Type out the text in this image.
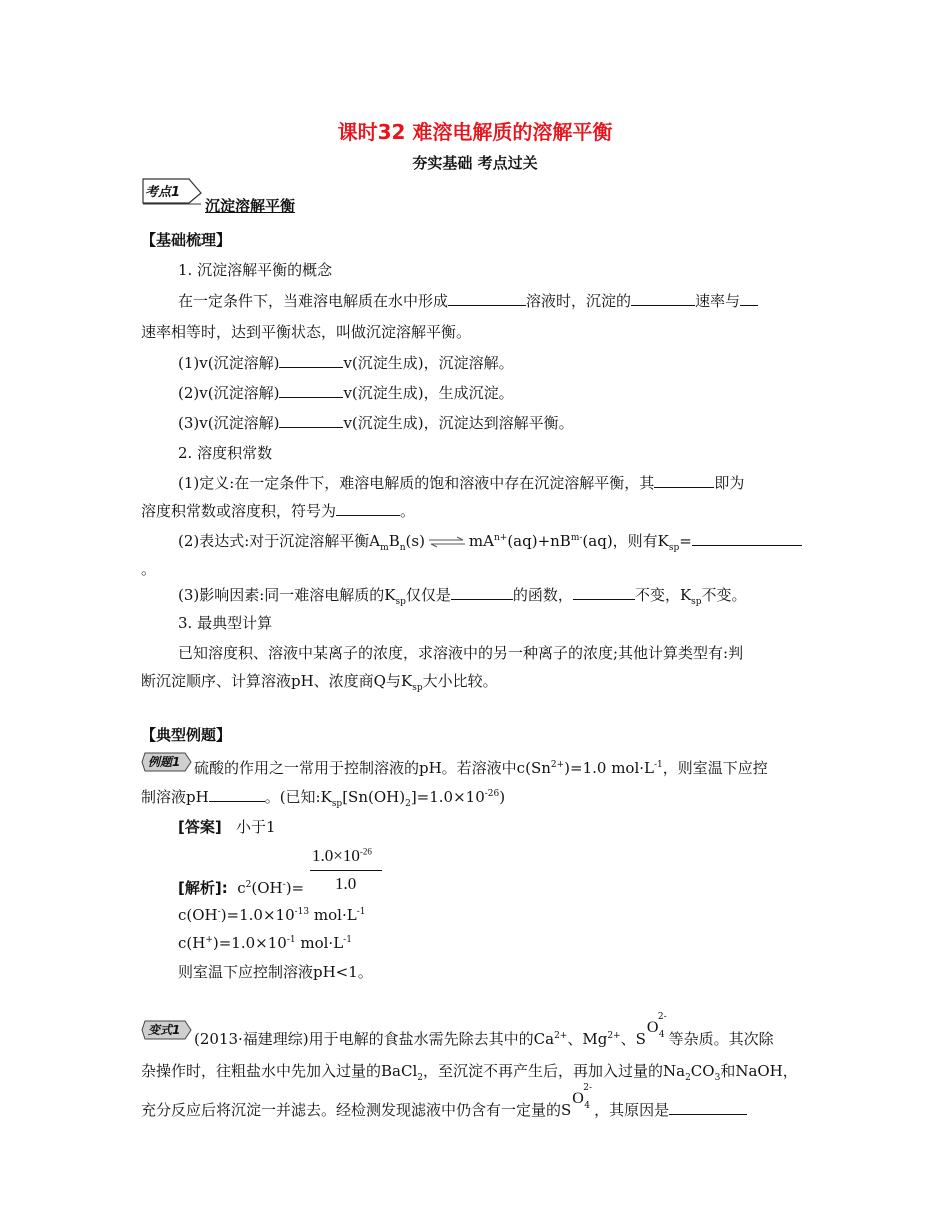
课时32 难溶电解质的溶解平衡
夯实基础 考点过关
考点1
沉淀溶解平衡
【基础梳理】
1. 沉淀溶解平衡的概念
在一定条件下，当难溶电解质在水中形成	溶液时，沉淀的	速率与
速率相等时，达到平衡状态，叫做沉淀溶解平衡。
(1)v(沉淀溶解)	v(沉淀生成)，沉淀溶解。
(2)v(沉淀溶解)	v(沉淀生成)，生成沉淀。
(3)v(沉淀溶解)	v(沉淀生成)，沉淀达到溶解平衡。
2. 溶度积常数
(1)定义:在一定条件下，难溶电解质的饱和溶液中存在沉淀溶解平衡，其	即为
溶度积常数或溶度积，符号为	。
(2)表达式:对于沉淀溶解平衡$A_mB_n(s)$ ⇌ $mA^{n+}(aq)+nB^{m-}(aq)$，则有$K_{sp}=$
。
(3)影响因素:同一难溶电解质的$K_{sp}$仅仅是	的函数，	不变，$K_{sp}$不变。
3. 最典型计算
已知溶度积、溶液中某离子的浓度，求溶液中的另一种离子的浓度;其他计算类型有:判
断沉淀顺序、计算溶液pH、浓度商Q与$K_{sp}$大小比较。
【典型例题】
例题1 硫酸的作用之一常用于控制溶液的pH。若溶液中$c(Sn^{2+})=1.0$ $mol\cdot L^{-1}$，则室温下应控
制溶液pH	。(已知$:K_{sp}[Sn(OH)_2]=1.0\times 10^{-26}$)
[答案] 小于1
$1.0\times 10^{-26}$
1.0
[解析]: $c^2(OH^-)=$
$c(OH^-)=1.0\times 10^{-13}$ $mol\cdot L^{-1}$
$c(H^+)=1.0\times 10^{-1}$ $mol\cdot L^{-1}$
则室温下应控制溶液pH<1。
变式1 (2013·福建理综)用于电解的食盐水需先除去其中的$Ca^{2+}$、$Mg^{2+}$、S
O
2-
4 等杂质。其次除
杂操作时，往粗盐水中先加入过量的BaCl$_2$，至沉淀不再产生后，再加入过量的$Na_2CO_3$和NaOH，
充分反应后将沉淀一并滤去。经检测发现滤液中仍含有一定量的S
O
2-
4 ，其原因是
